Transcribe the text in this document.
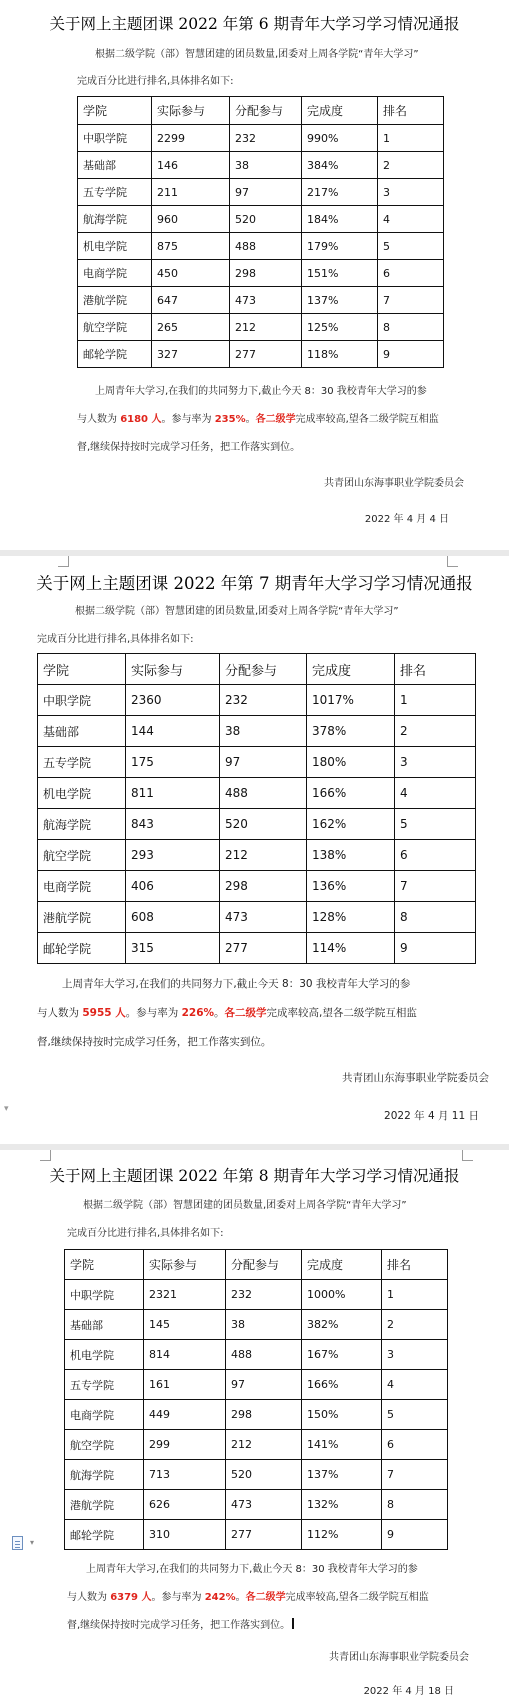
关于网上主题团课 2022 年第 6 期青年大学习学习情况通报
根据二级学院（部）智慧团建的团员数量,团委对上周各学院“青年大学习”
完成百分比进行排名,具体排名如下:
学院	实际参与	分配参与	完成度	排名
中职学院	2299	232	990%	1
基础部	146	38	384%	2
五专学院	211	97	217%	3
航海学院	960	520	184%	4
机电学院	875	488	179%	5
电商学院	450	298	151%	6
港航学院	647	473	137%	7
航空学院	265	212	125%	8
邮轮学院	327	277	118%	9
上周青年大学习,在我们的共同努力下,截止今天 8：30 我校青年大学习的参
与人数为 6180 人。参与率为 235%。各二级学完成率较高,望各二级学院互相监
督,继续保持按时完成学习任务，把工作落实到位。
共青团山东海事职业学院委员会
2022 年 4 月 4 日
关于网上主题团课 2022 年第 7 期青年大学习学习情况通报
根据二级学院（部）智慧团建的团员数量,团委对上周各学院“青年大学习”
完成百分比进行排名,具体排名如下:
学院	实际参与	分配参与	完成度	排名
中职学院	2360	232	1017%	1
基础部	144	38	378%	2
五专学院	175	97	180%	3
机电学院	811	488	166%	4
航海学院	843	520	162%	5
航空学院	293	212	138%	6
电商学院	406	298	136%	7
港航学院	608	473	128%	8
邮轮学院	315	277	114%	9
上周青年大学习,在我们的共同努力下,截止今天 8：30 我校青年大学习的参
与人数为 5955 人。参与率为 226%。各二级学完成率较高,望各二级学院互相监
督,继续保持按时完成学习任务，把工作落实到位。
共青团山东海事职业学院委员会
2022 年 4 月 11 日
▾
关于网上主题团课 2022 年第 8 期青年大学习学习情况通报
根据二级学院（部）智慧团建的团员数量,团委对上周各学院“青年大学习”
完成百分比进行排名,具体排名如下:
学院	实际参与	分配参与	完成度	排名
中职学院	2321	232	1000%	1
基础部	145	38	382%	2
机电学院	814	488	167%	3
五专学院	161	97	166%	4
电商学院	449	298	150%	5
航空学院	299	212	141%	6
航海学院	713	520	137%	7
港航学院	626	473	132%	8
邮轮学院	310	277	112%	9
上周青年大学习,在我们的共同努力下,截止今天 8：30 我校青年大学习的参
与人数为 6379 人。参与率为 242%。各二级学完成率较高,望各二级学院互相监
督,继续保持按时完成学习任务，把工作落实到位。
共青团山东海事职业学院委员会
2022 年 4 月 18 日
▾
